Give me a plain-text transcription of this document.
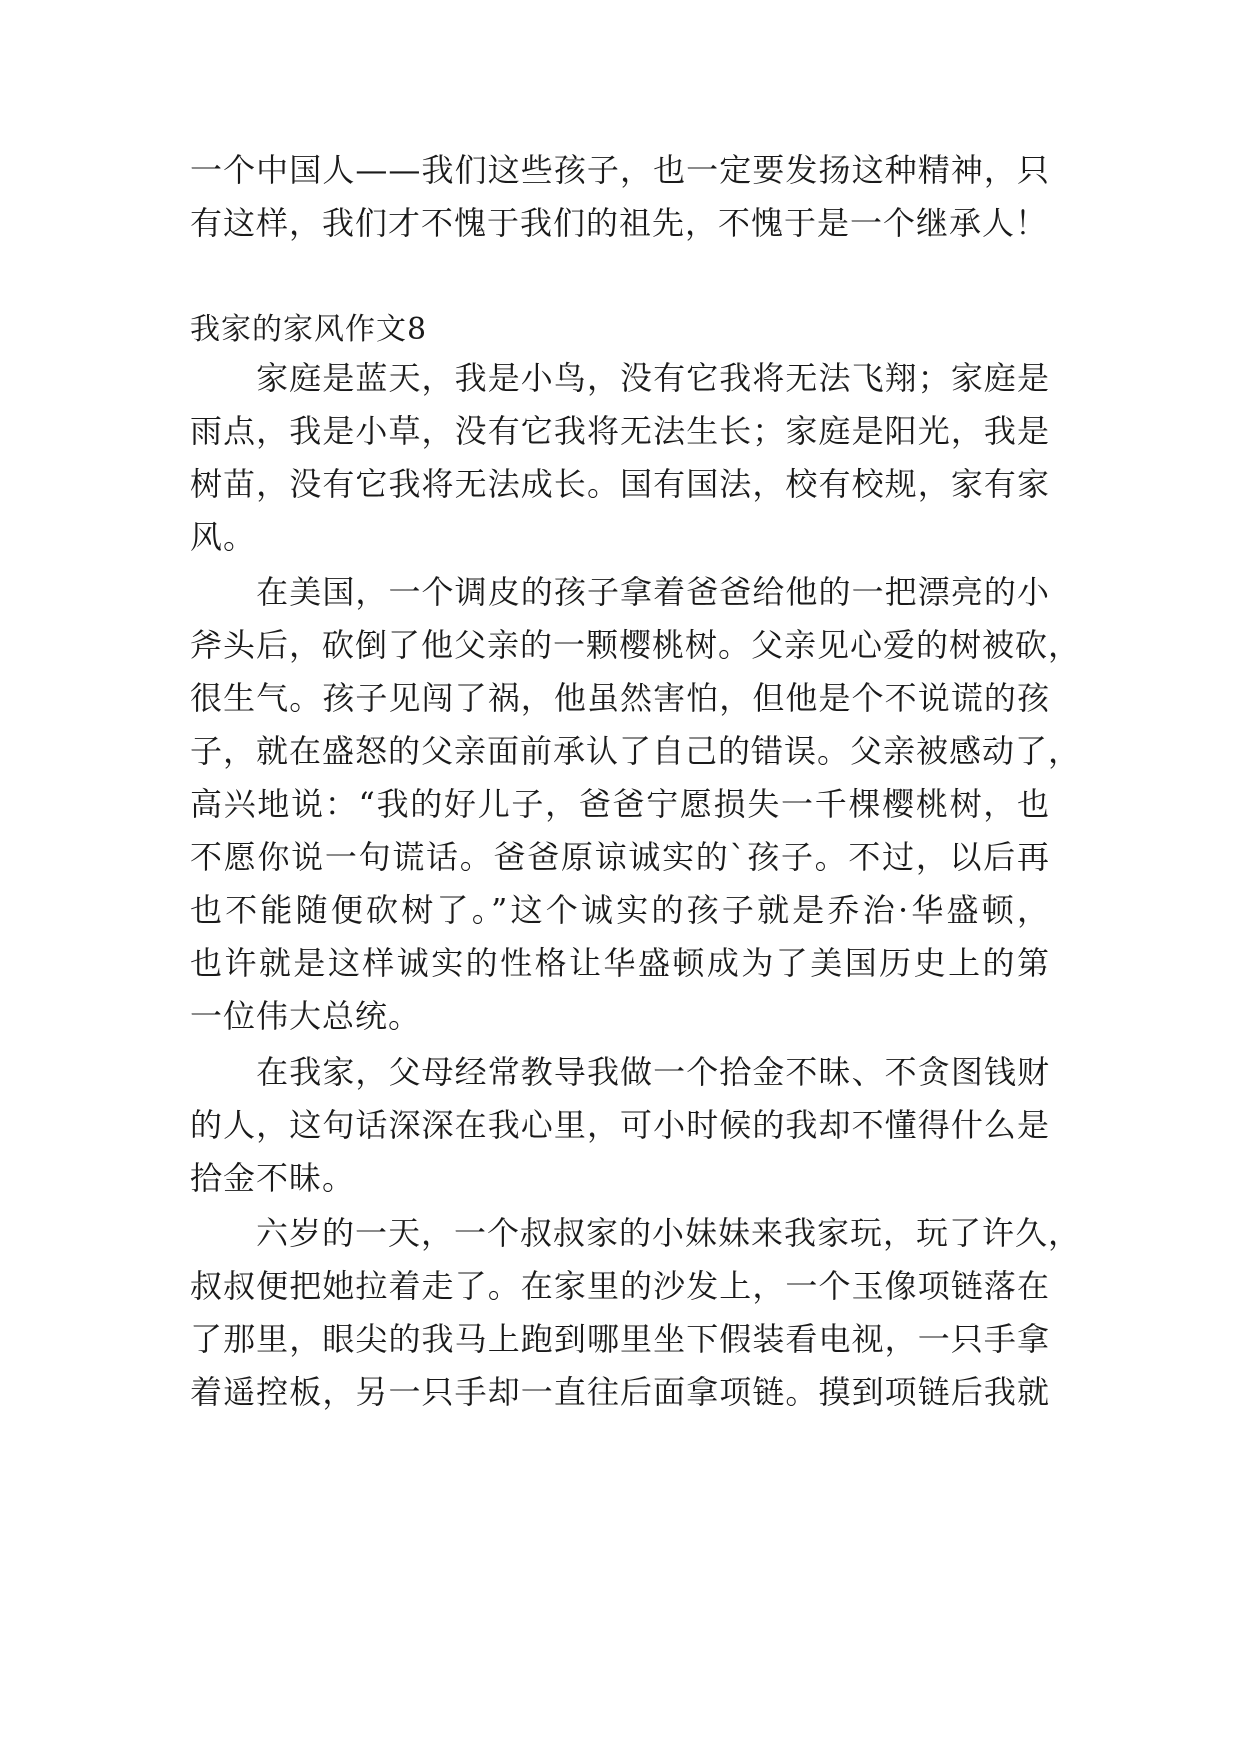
一个中国人——我们这些孩子，也一定要发扬这种精神，只
有这样，我们才不愧于我们的祖先，不愧于是一个继承人！
我家的家风作文8
　　家庭是蓝天，我是小鸟，没有它我将无法飞翔；家庭是
雨点，我是小草，没有它我将无法生长；家庭是阳光，我是
树苗，没有它我将无法成长。国有国法，校有校规，家有家
风。
　　在美国，一个调皮的孩子拿着爸爸给他的一把漂亮的小
斧头后，砍倒了他父亲的一颗樱桃树。父亲见心爱的树被砍，
很生气。孩子见闯了祸，他虽然害怕，但他是个不说谎的孩
子，就在盛怒的父亲面前承认了自己的错误。父亲被感动了，
高兴地说：“我的好儿子，爸爸宁愿损失一千棵樱桃树，也
不愿你说一句谎话。爸爸原谅诚实的`孩子。不过，以后再
也不能随便砍树了。”这个诚实的孩子就是乔治·华盛顿，
也许就是这样诚实的性格让华盛顿成为了美国历史上的第
一位伟大总统。
　　在我家，父母经常教导我做一个拾金不昧、不贪图钱财
的人，这句话深深在我心里，可小时候的我却不懂得什么是
拾金不昧。
　　六岁的一天，一个叔叔家的小妹妹来我家玩，玩了许久，
叔叔便把她拉着走了。在家里的沙发上，一个玉像项链落在
了那里，眼尖的我马上跑到哪里坐下假装看电视，一只手拿
着遥控板，另一只手却一直往后面拿项链。摸到项链后我就
